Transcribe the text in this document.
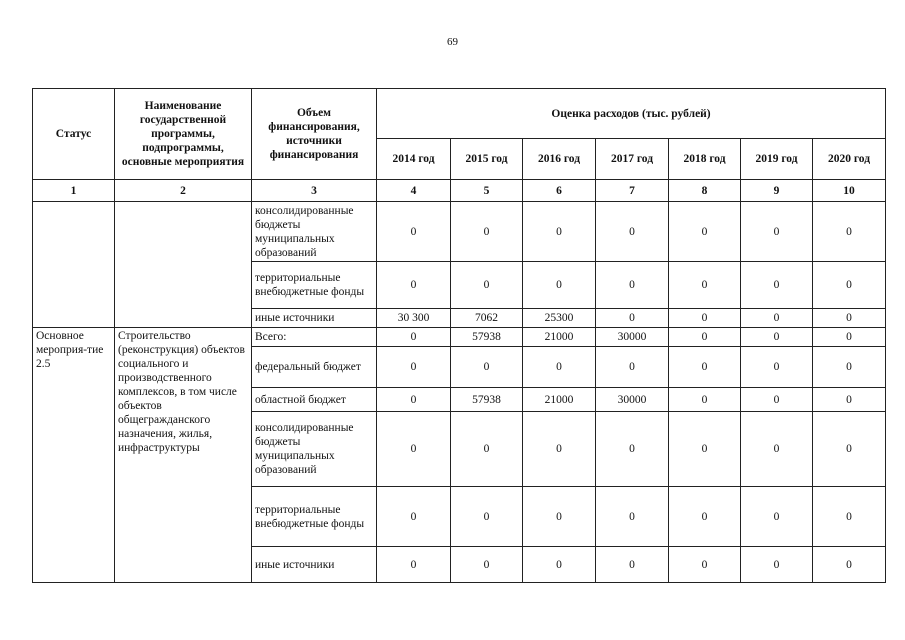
69
Статус	Наименование государственной программы, подпрограммы, основные мероприятия	Объем финансирования, источники финансирования	Оценка расходов (тыс. рублей)						
			2014 год	2015 год	2016 год	2017 год	2018 год	2019 год	2020 год
1	2	3	4	5	6	7	8	9	10
		консолидированные бюджеты муниципальных образований	0	0	0	0	0	0	0
		территориальные внебюджетные фонды	0	0	0	0	0	0	0
		иные источники	30 300	7062	25300	0	0	0	0
Основное мероприя-тие 2.5	Строительство (реконструкция) объектов социального и производственного комплексов, в том числе объектов общегражданского назначения, жилья, инфраструктуры	Всего:	0	57938	21000	30000	0	0	0
		федеральный бюджет	0	0	0	0	0	0	0
		областной бюджет	0	57938	21000	30000	0	0	0
		консолидированные бюджеты муниципальных образований	0	0	0	0	0	0	0
		территориальные внебюджетные фонды	0	0	0	0	0	0	0
		иные источники	0	0	0	0	0	0	0
